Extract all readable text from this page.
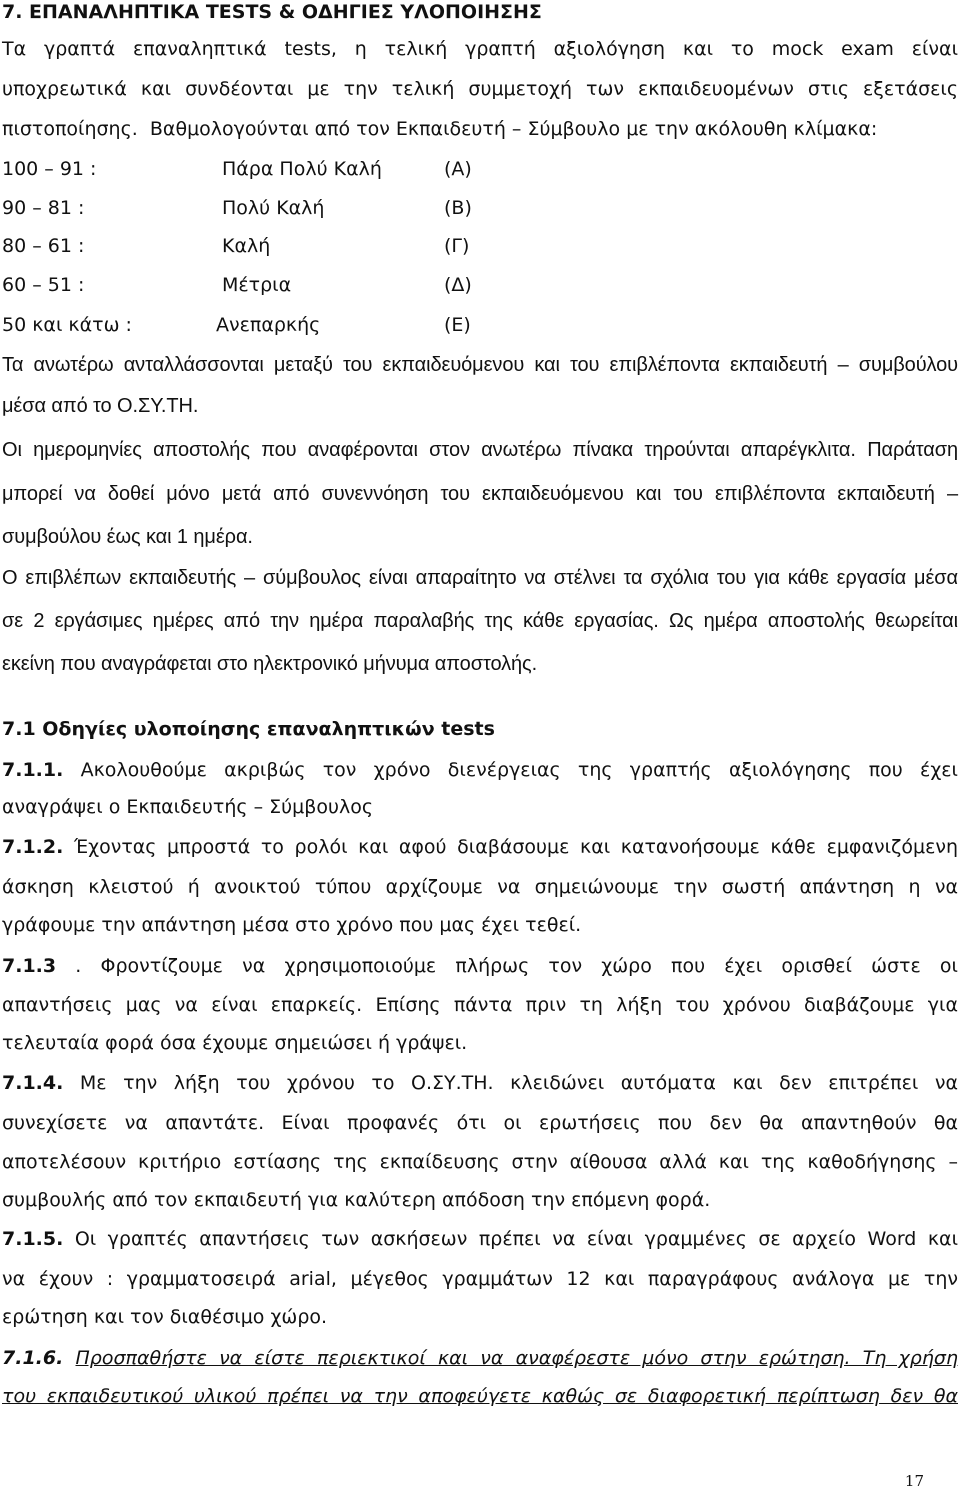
7. ΕΠΑΝΑΛΗΠΤΙΚΑ TESTS & ΟΔΗΓΙΕΣ ΥΛΟΠΟΙΗΣΗΣ
Τα γραπτά επαναληπτικά tests, η τελική γραπτή αξιολόγηση και το mock exam είναι
υποχρεωτικά και συνδέονται με την τελική συμμετοχή των εκπαιδευομένων στις εξετάσεις
πιστοποίησης. Βαθμολογούνται από τον Εκπαιδευτή – Σύμβουλο με την ακόλουθη κλίμακα:
100 – 91 :	Πάρα Πολύ Καλή	(Α)
90 – 81 :	Πολύ Καλή	(Β)
80 – 61 :	Καλή	(Γ)
60 – 51 :	Μέτρια	(Δ)
50 και κάτω :	Ανεπαρκής	(Ε)
Τα ανωτέρω ανταλλάσσονται μεταξύ του εκπαιδευόμενου και του επιβλέποντα εκπαιδευτή – συμβούλου
μέσα από το Ο.ΣΥ.ΤΗ.
Οι ημερομηνίες αποστολής που αναφέρονται στον ανωτέρω πίνακα τηρούνται απαρέγκλιτα. Παράταση
μπορεί να δοθεί μόνο μετά από συνεννόηση του εκπαιδευόμενου και του επιβλέποντα εκπαιδευτή –
συμβούλου έως και 1 ημέρα.
Ο επιβλέπων εκπαιδευτής – σύμβουλος είναι απαραίτητο να στέλνει τα σχόλια του για κάθε εργασία μέσα
σε 2 εργάσιμες ημέρες από την ημέρα παραλαβής της κάθε εργασίας. Ως ημέρα αποστολής θεωρείται
εκείνη που αναγράφεται στο ηλεκτρονικό μήνυμα αποστολής.
7.1 Οδηγίες υλοποίησης επαναληπτικών tests
7.1.1. Ακολουθούμε ακριβώς τον χρόνο διενέργειας της γραπτής αξιολόγησης που έχει
αναγράψει ο Εκπαιδευτής – Σύμβουλος
7.1.2. Έχοντας μπροστά το ρολόι και αφού διαβάσουμε και κατανοήσουμε κάθε εμφανιζόμενη
άσκηση κλειστού ή ανοικτού τύπου αρχίζουμε να σημειώνουμε την σωστή απάντηση η να
γράφουμε την απάντηση μέσα στο χρόνο που μας έχει τεθεί.
7.1.3 . Φροντίζουμε να χρησιμοποιούμε πλήρως τον χώρο που έχει ορισθεί ώστε οι
απαντήσεις μας να είναι επαρκείς. Επίσης πάντα πριν τη λήξη του χρόνου διαβάζουμε για
τελευταία φορά όσα έχουμε σημειώσει ή γράψει.
7.1.4. Με την λήξη του χρόνου το Ο.ΣΥ.ΤΗ. κλειδώνει αυτόματα και δεν επιτρέπει να
συνεχίσετε να απαντάτε. Είναι προφανές ότι οι ερωτήσεις που δεν θα απαντηθούν θα
αποτελέσουν κριτήριο εστίασης της εκπαίδευσης στην αίθουσα αλλά και της καθοδήγησης –
συμβουλής από τον εκπαιδευτή για καλύτερη απόδοση την επόμενη φορά.
7.1.5. Οι γραπτές απαντήσεις των ασκήσεων πρέπει να είναι γραμμένες σε αρχείο Word και
να έχουν : γραμματοσειρά arial, μέγεθος γραμμάτων 12 και παραγράφους ανάλογα με την
ερώτηση και τον διαθέσιμο χώρο.
7.1.6. Προσπαθήστε να είστε περιεκτικοί και να αναφέρεστε μόνο στην ερώτηση. Τη χρήση
του εκπαιδευτικού υλικού πρέπει να την αποφεύγετε καθώς σε διαφορετική περίπτωση δεν θα
17
